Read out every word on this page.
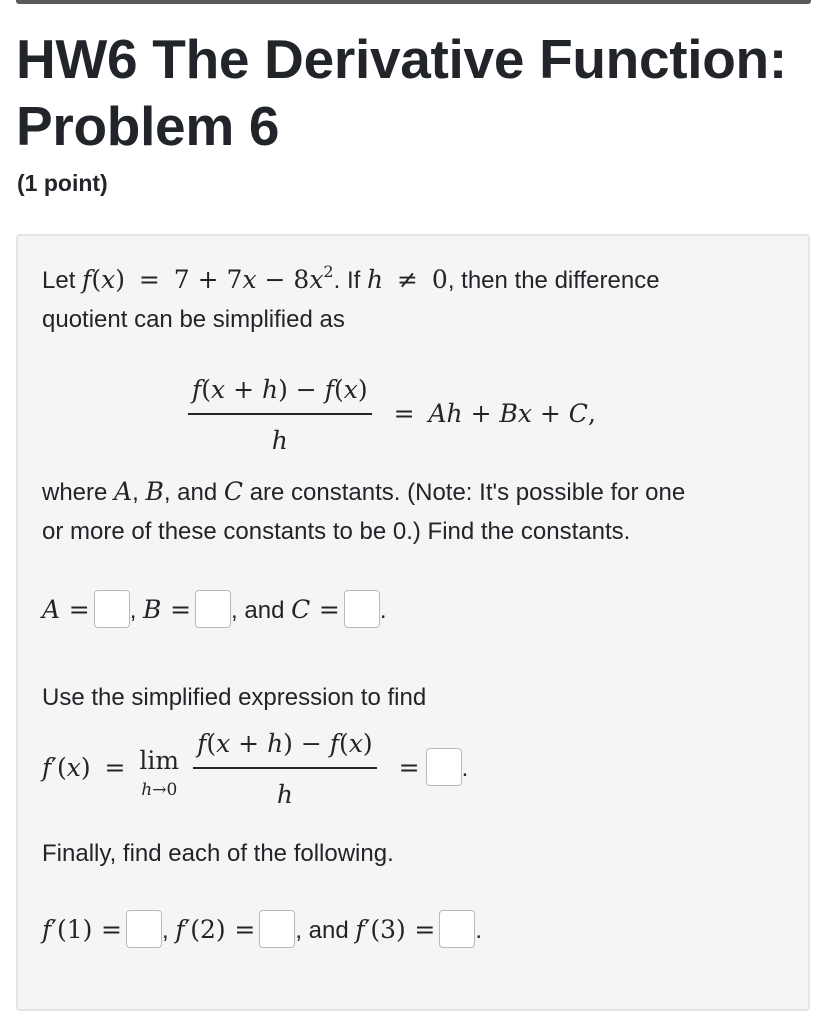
HW6 The Derivative Function: Problem 6
(1 point)

Let $f(x) = 7 + 7x - 8x^2$. If h ≠ 0, then the difference

quotient can be simplified as

$\frac{f(x + h) - f(x)}{h} = Ah + Bx + C$,

where A, B, and C are constants. (Note: It's possible for one

or more of these constants to be 0.) Find the constants.

A = , B = , and C = .

Use the simplified expression to find

f′(x) = lim
h→0
$\frac{f(x + h) - f(x)}{h}$ = .

Finally, find each of the following.

f′(1) = , f′(2) = , and f′(3) = .
